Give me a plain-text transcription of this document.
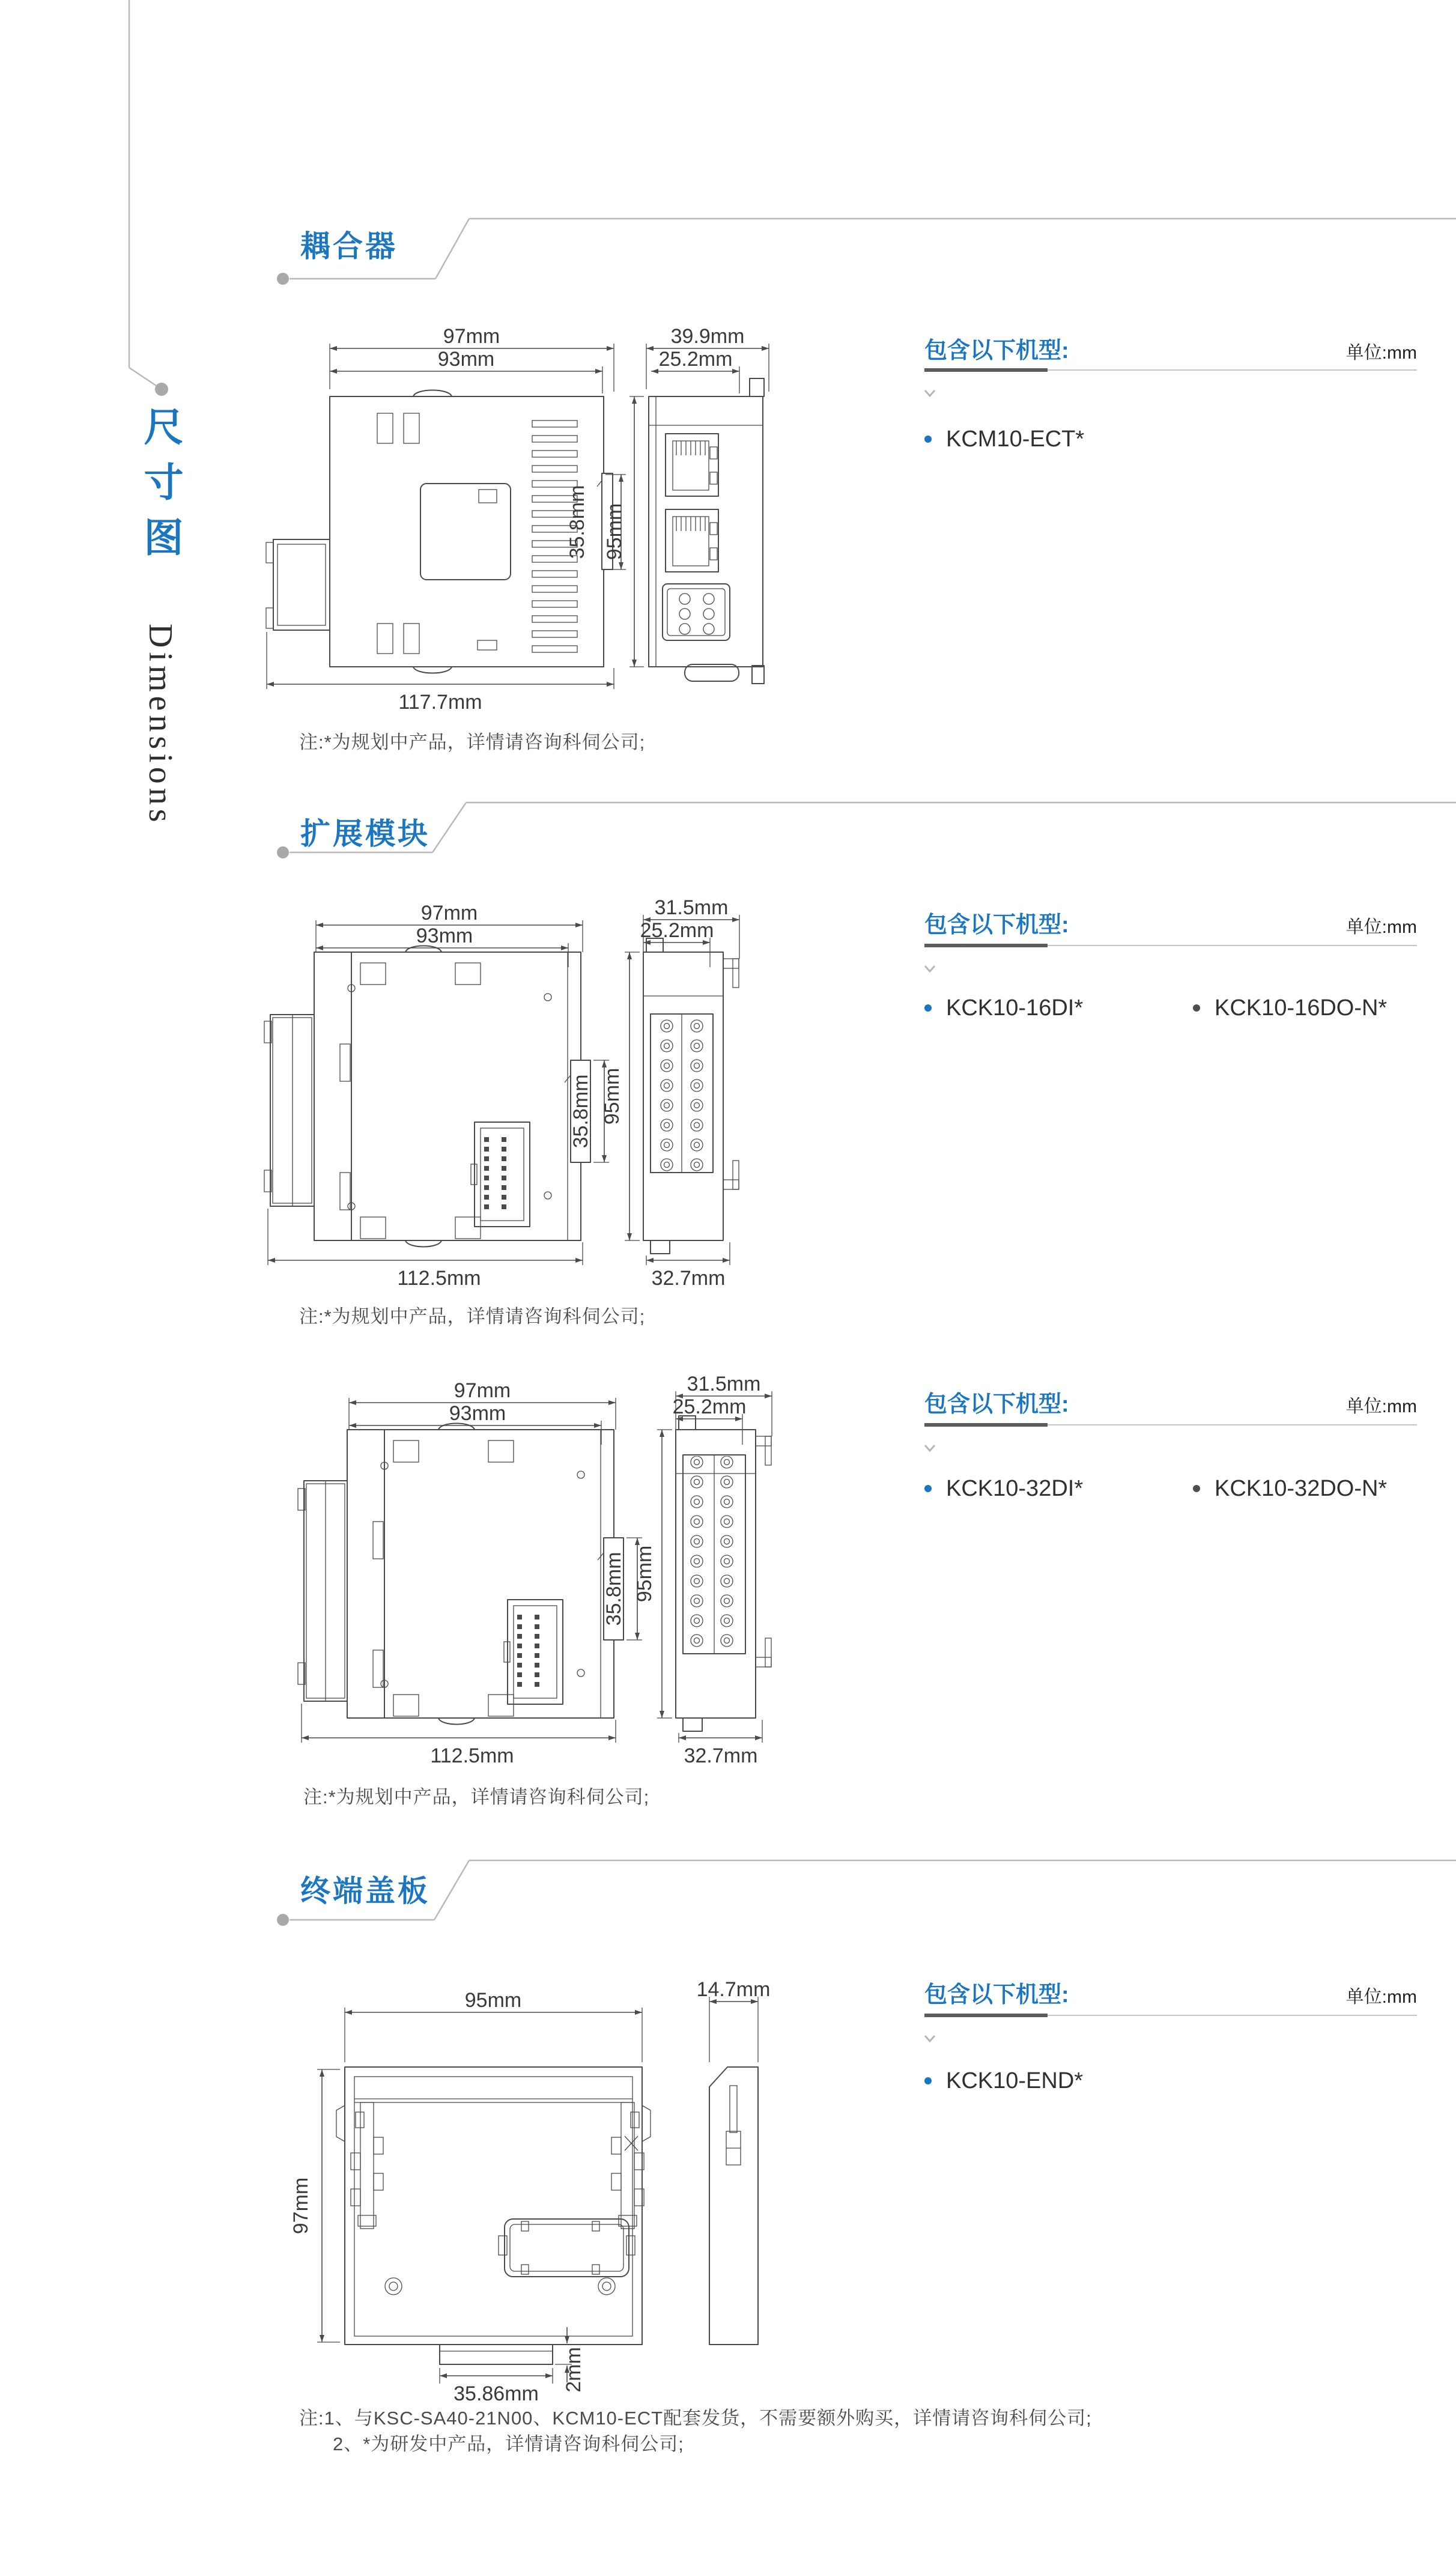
97mm
93mm
35.8mm
117.7mm
39.9mm
25.2mm
95mm
97mm
93mm
112.5mm
35.8mm
31.5mm
25.2mm
95mm
32.7mm
97mm
93mm
112.5mm
35.8mm
31.5mm
25.2mm
95mm
32.7mm
95mm
97mm
35.86mm
2mm
14.7mm
尺寸图
Dimensions
耦合器
扩展模块
终端盖板
包含以下机型:	单位:mm
KCM10-ECT*
包含以下机型:	单位:mm
KCK10-16DI*	KCK10-16DO-N*
包含以下机型:	单位:mm
KCK10-32DI*	KCK10-32DO-N*
包含以下机型:	单位:mm
KCK10-END*
注:*为规划中产品，详情请咨询科伺公司;
注:*为规划中产品，详情请咨询科伺公司;
注:*为规划中产品，详情请咨询科伺公司;
注:1、与KSC-SA40-21N00、KCM10-ECT配套发货，不需要额外购买，详情请咨询科伺公司;
2、*为研发中产品，详情请咨询科伺公司;
